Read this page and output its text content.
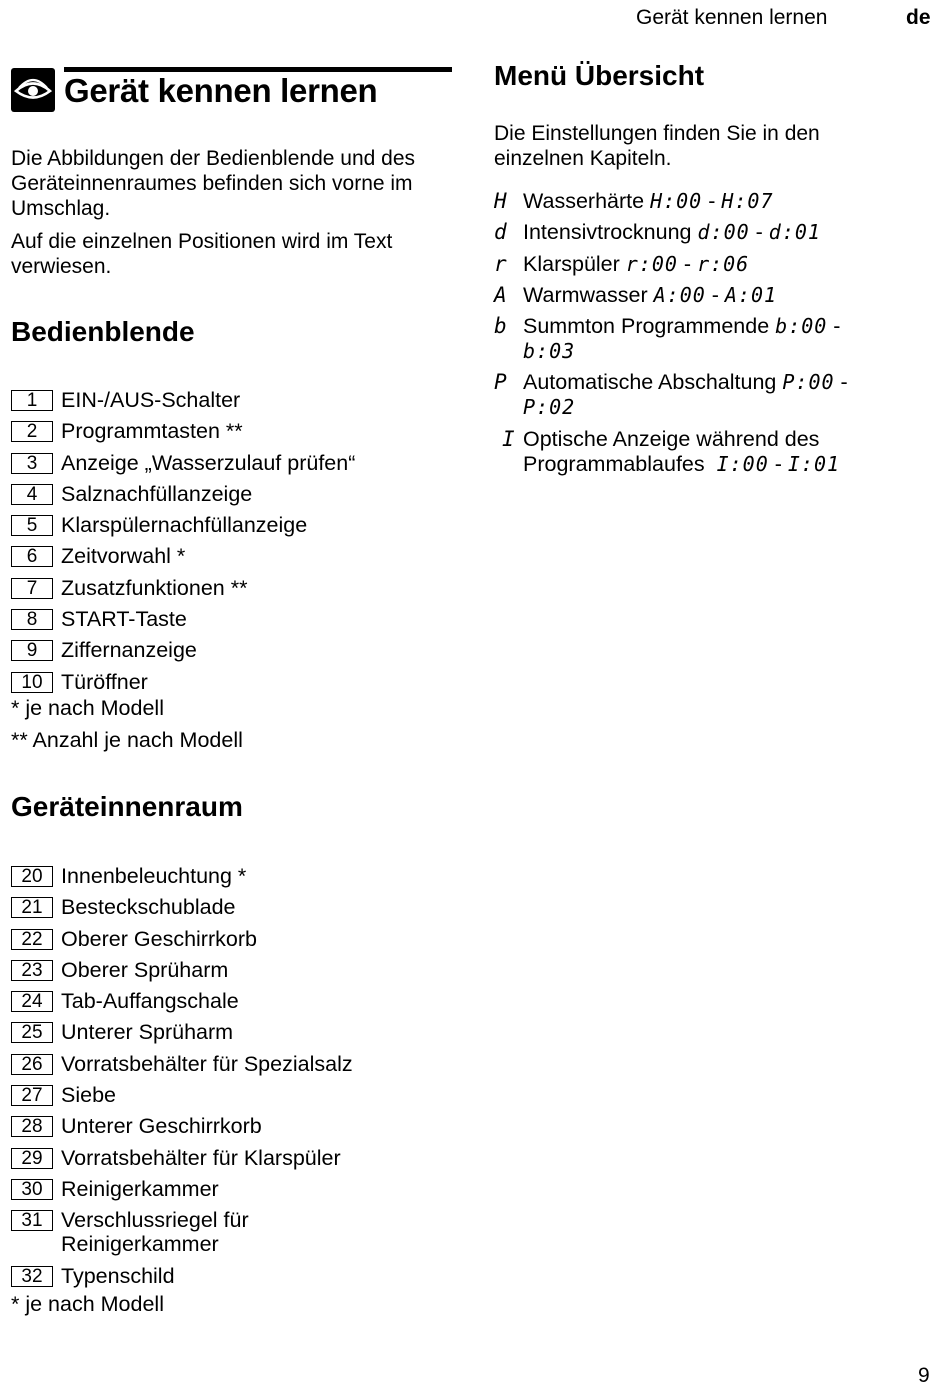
Gerät kennen lernen	de
Gerät kennen lernen
Die Abbildungen der Bedienblende und des Geräteinnenraumes befinden sich vorne im Umschlag.
Auf die einzelnen Positionen wird im Text verwiesen.
Bedienblende
1	EIN-/AUS-Schalter
2	Programmtasten **
3	Anzeige „Wasserzulauf prüfen“
4	Salznachfüllanzeige
5	Klarspülernachfüllanzeige
6	Zeitvorwahl *
7	Zusatzfunktionen **
8	START-Taste
9	Ziffernanzeige
10 Türöffner
* je nach Modell
** Anzahl je nach Modell
Geräteinnenraum
20 Innenbeleuchtung *
21 Besteckschublade
22 Oberer Geschirrkorb
23 Oberer Sprüharm
24 Tab-Auffangschale
25 Unterer Sprüharm
26 Vorratsbehälter für Spezialsalz
27 Siebe
28 Unterer Geschirrkorb
29 Vorratsbehälter für Klarspüler
30 Reinigerkammer
31 Verschlussriegel für Reinigerkammer
32 Typenschild
* je nach Modell
Menü Übersicht
Die Einstellungen finden Sie in den einzelnen Kapiteln.
H Wasserhärte H:00 - H:07
d Intensivtrocknung d:00 - d:01
r Klarspüler r:00 - r:06
A Warmwasser A:00 - A:01
b Summton Programmende b:00 -
b:03
P Automatische Abschaltung P:00 -
P:02
I Optische Anzeige während des Programmablaufes I:00 - I:01
9
